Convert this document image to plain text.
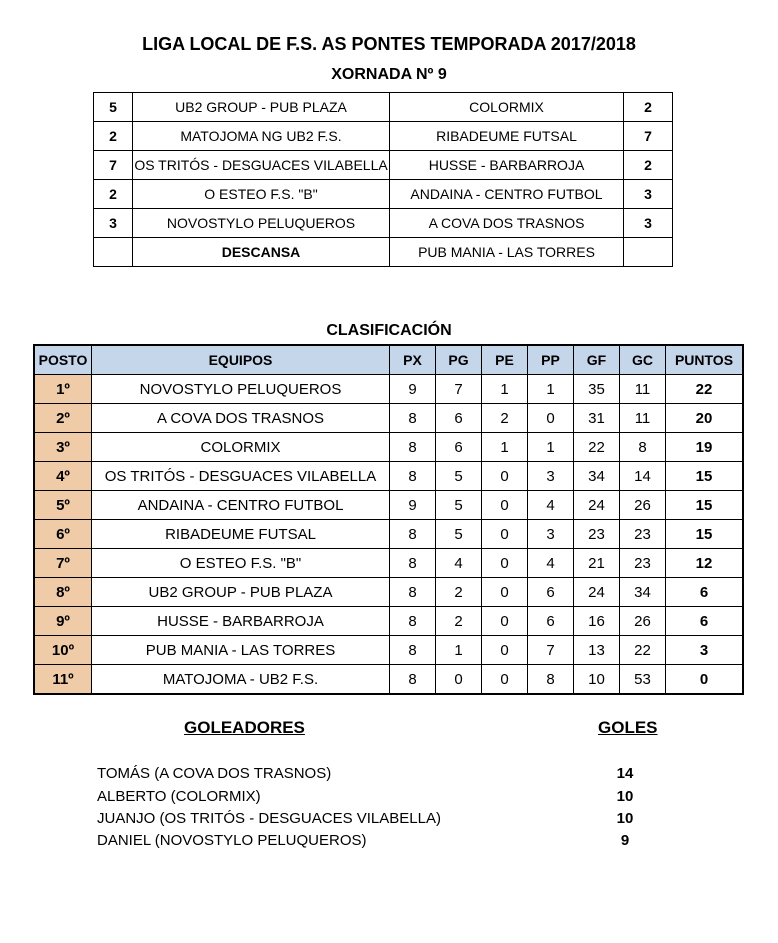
LIGA LOCAL DE F.S. AS PONTES TEMPORADA 2017/2018
XORNADA Nº 9
5	UB2 GROUP - PUB PLAZA	COLORMIX	2
2	MATOJOMA NG UB2 F.S.	RIBADEUME FUTSAL	7
7	OS TRITÓS - DESGUACES VILABELLA	HUSSE - BARBARROJA	2
2	O ESTEO F.S. "B"	ANDAINA - CENTRO FUTBOL	3
3	NOVOSTYLO PELUQUEROS	A COVA DOS TRASNOS	3
	DESCANSA	PUB MANIA - LAS TORRES	
CLASIFICACIÓN
POSTO	EQUIPOS	PX	PG	PE	PP	GF	GC	PUNTOS
1º	NOVOSTYLO PELUQUEROS	9	7	1	1	35	11	22
2º	A COVA DOS TRASNOS	8	6	2	0	31	11	20
3º	COLORMIX	8	6	1	1	22	8	19
4º	OS TRITÓS - DESGUACES VILABELLA	8	5	0	3	34	14	15
5º	ANDAINA - CENTRO FUTBOL	9	5	0	4	24	26	15
6º	RIBADEUME FUTSAL	8	5	0	3	23	23	15
7º	O ESTEO F.S. "B"	8	4	0	4	21	23	12
8º	UB2 GROUP - PUB PLAZA	8	2	0	6	24	34	6
9º	HUSSE - BARBARROJA	8	2	0	6	16	26	6
10º	PUB MANIA - LAS TORRES	8	1	0	7	13	22	3
11º	MATOJOMA - UB2 F.S.	8	0	0	8	10	53	0
GOLEADORES	GOLES
TOMÁS (A COVA DOS TRASNOS)	14
ALBERTO (COLORMIX)	10
JUANJO (OS TRITÓS - DESGUACES VILABELLA)	10
DANIEL (NOVOSTYLO PELUQUEROS)	9
